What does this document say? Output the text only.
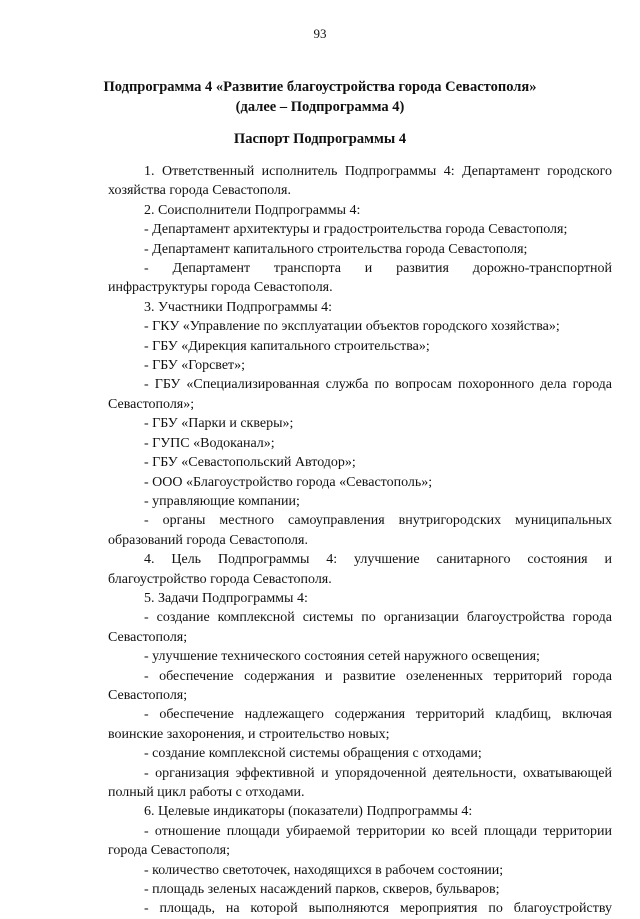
93
Подпрограмма 4 «Развитие благоустройства города Севастополя»
(далее – Подпрограмма 4)
Паспорт Подпрограммы 4

1. Ответственный исполнитель Подпрограммы 4: Департамент городского хозяйства города Севастополя.

2. Соисполнители Подпрограммы 4:

- Департамент архитектуры и градостроительства города Севастополя;

- Департамент капитального строительства города Севастополя;

- Департамент транспорта и развития дорожно-транспортной инфраструктуры города Севастополя.

3. Участники Подпрограммы 4:

- ГКУ «Управление по эксплуатации объектов городского хозяйства»;

- ГБУ «Дирекция капитального строительства»;

- ГБУ «Горсвет»;

- ГБУ «Специализированная служба по вопросам похоронного дела города Севастополя»;

- ГБУ «Парки и скверы»;

- ГУПС «Водоканал»;

- ГБУ «Севастопольский Автодор»;

- ООО «Благоустройство города «Севастополь»;

- управляющие компании;

- органы местного самоуправления внутригородских муниципальных образований города Севастополя.

4. Цель Подпрограммы 4: улучшение санитарного состояния и благоустройство города Севастополя.

5. Задачи Подпрограммы 4:

- создание комплексной системы по организации благоустройства города Севастополя;

- улучшение технического состояния сетей наружного освещения;

- обеспечение содержания и развитие озелененных территорий города Севастополя;

- обеспечение надлежащего содержания территорий кладбищ, включая воинские захоронения, и строительство новых;

- создание комплексной системы обращения с отходами;

- организация эффективной и упорядоченной деятельности, охватывающей полный цикл работы с отходами.

6. Целевые индикаторы (показатели) Подпрограммы 4:

- отношение площади убираемой территории ко всей площади территории города Севастополя;

- количество светоточек, находящихся в рабочем состоянии;

- площадь зеленых насаждений парков, скверов, бульваров;

- площадь, на которой выполняются мероприятия по благоустройству
